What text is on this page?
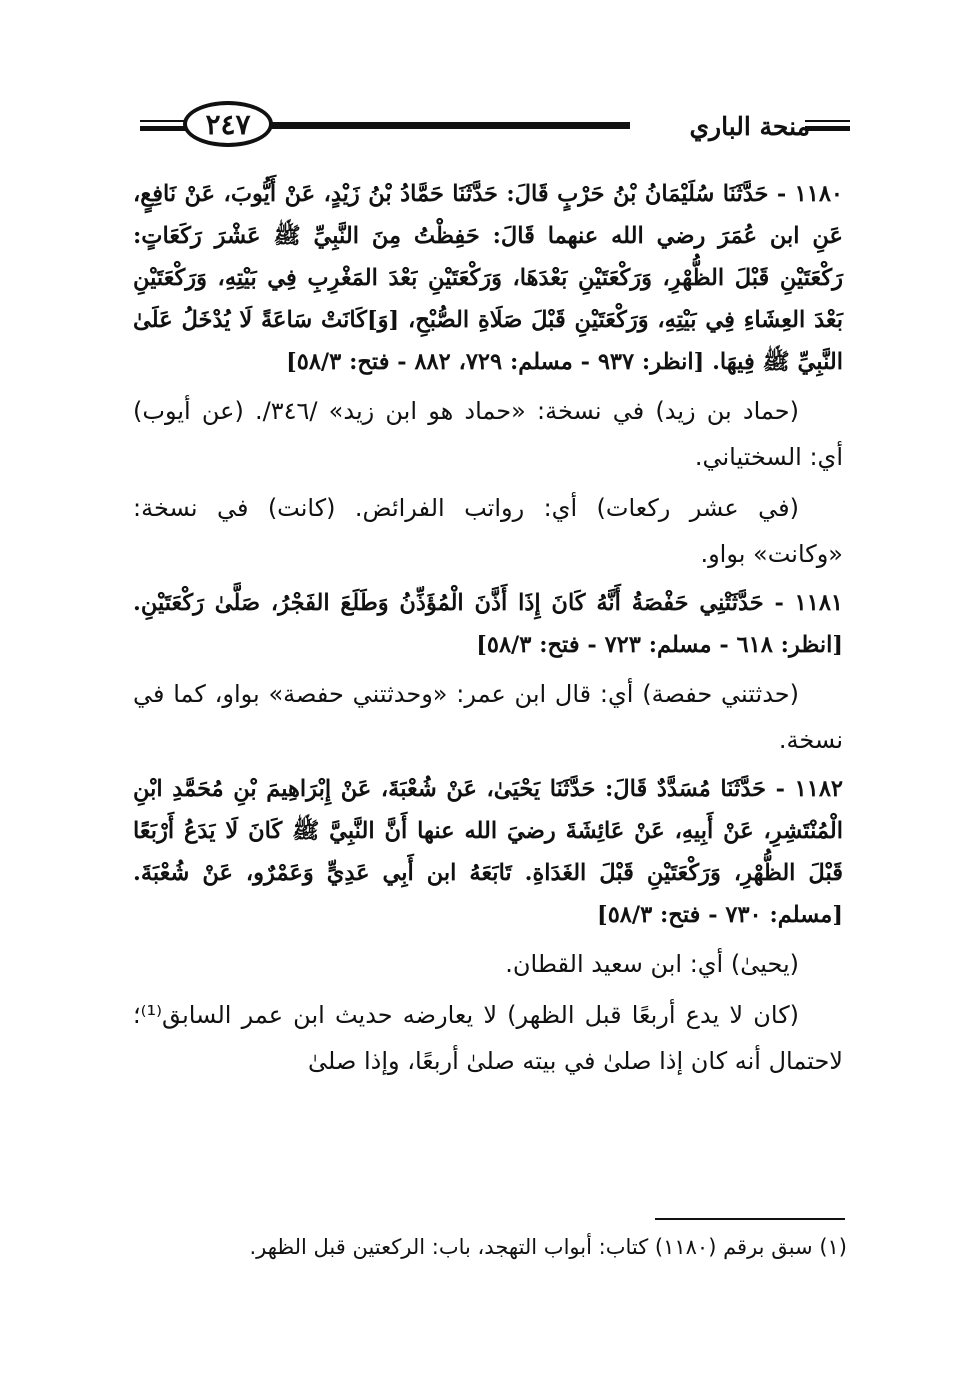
٢٤٧	منحة الباري

١١٨٠ - حَدَّثَنَا سُلَيْمَانُ بْنُ حَرْبٍ قَالَ: حَدَّثَنَا حَمَّادُ بْنُ زَيْدٍ، عَنْ أَيُّوبَ، عَنْ نَافِعٍ، عَنِ ابن عُمَرَ رضي الله عنهما قَالَ: حَفِظْتُ مِنَ النَّبِيِّ ﷺ عَشْرَ رَكَعَاتٍ: رَكْعَتَيْنِ قَبْلَ الظُّهْرِ، وَرَكْعَتَيْنِ بَعْدَهَا، وَرَكْعَتَيْنِ بَعْدَ المَغْرِبِ فِي بَيْتِهِ، وَرَكْعَتَيْنِ بَعْدَ العِشَاءِ فِي بَيْتِهِ، وَرَكْعَتَيْنِ قَبْلَ صَلَاةِ الصُّبْحِ، [وَ]كَانَتْ سَاعَةً لَا يُدْخَلُ عَلَىٰ النَّبِيِّ ﷺ فِيهَا. [انظر: ٩٣٧ - مسلم: ٧٢٩، ٨٨٢ - فتح: ٥٨/٣]

(حماد بن زيد) في نسخة: «حماد هو ابن زيد» /٣٤٦/. (عن أيوب) أي: السختياني.

(في عشر ركعات) أي: رواتب الفرائض. (كانت) في نسخة: «وكانت» بواو.

١١٨١ - حَدَّثَتْنِي حَفْصَةُ أَنَّهُ كَانَ إِذَا أَذَّنَ الْمُؤَذِّنُ وَطَلَعَ الفَجْرُ، صَلَّىٰ رَكْعَتَيْنِ. [انظر: ٦١٨ - مسلم: ٧٢٣ - فتح: ٥٨/٣]

(حدثتني حفصة) أي: قال ابن عمر: «وحدثتني حفصة» بواو، كما في نسخة.

١١٨٢ - حَدَّثَنَا مُسَدَّدٌ قَالَ: حَدَّثَنَا يَحْيَىٰ، عَنْ شُعْبَةَ، عَنْ إِبْرَاهِيمَ بْنِ مُحَمَّدِ ابْنِ الْمُنْتَشِرِ، عَنْ أَبِيهِ، عَنْ عَائِشَةَ رضيَ الله عنها أَنَّ النَّبِيَّ ﷺ كَانَ لَا يَدَعُ أَرْبَعًا قَبْلَ الظُّهْرِ، وَرَكْعَتَيْنِ قَبْلَ الغَدَاةِ. تَابَعَهُ ابن أَبِي عَدِيٍّ وَعَمْرٌو، عَنْ شُعْبَةَ. [مسلم: ٧٣٠ - فتح: ٥٨/٣]

(يحيىٰ) أي: ابن سعيد القطان.

(كان لا يدع أربعًا قبل الظهر) لا يعارضه حديث ابن عمر السابق⁽¹⁾؛ لاحتمال أنه كان إذا صلىٰ في بيته صلىٰ أربعًا، وإذا صلىٰ

(١) سبق برقم (١١٨٠) كتاب: أبواب التهجد، باب: الركعتين قبل الظهر.
